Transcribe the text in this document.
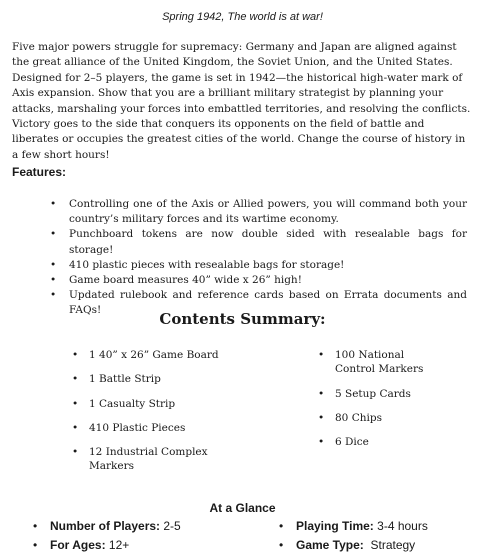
Spring 1942, The world is at war!

Five major powers struggle for supremacy: Germany and Japan are aligned against the great alliance of the United Kingdom, the Soviet Union, and the United States. Designed for 2–5 players, the game is set in 1942—the historical high-water mark of Axis expansion. Show that you are a brilliant military strategist by planning your attacks, marshaling your forces into embattled territories, and resolving the conflicts. Victory goes to the side that conquers its opponents on the field of battle and liberates or occupies the greatest cities of the world. Change the course of history in a few short hours!

Features:
• Controlling one of the Axis or Allied powers, you will command both your country’s military forces and its wartime economy.
• Punchboard tokens are now double sided with resealable bags for storage!
• 410 plastic pieces with resealable bags for storage!
• Game board measures 40” wide x 26” high!
• Updated rulebook and reference cards based on Errata documents and FAQs!	Contents Summary:
• 1 40” x 26” Game Board
• 1 Battle Strip
• 1 Casualty Strip
• 410 Plastic Pieces
• 12 Industrial Complex Markers
• 100 National Control Markers
• 5 Setup Cards
• 80 Chips
• 6 Dice
At a Glance
• Number of Players: 2-5	• Playing Time: 3-4 hours
• For Ages: 12+	• Game Type:  Strategy
